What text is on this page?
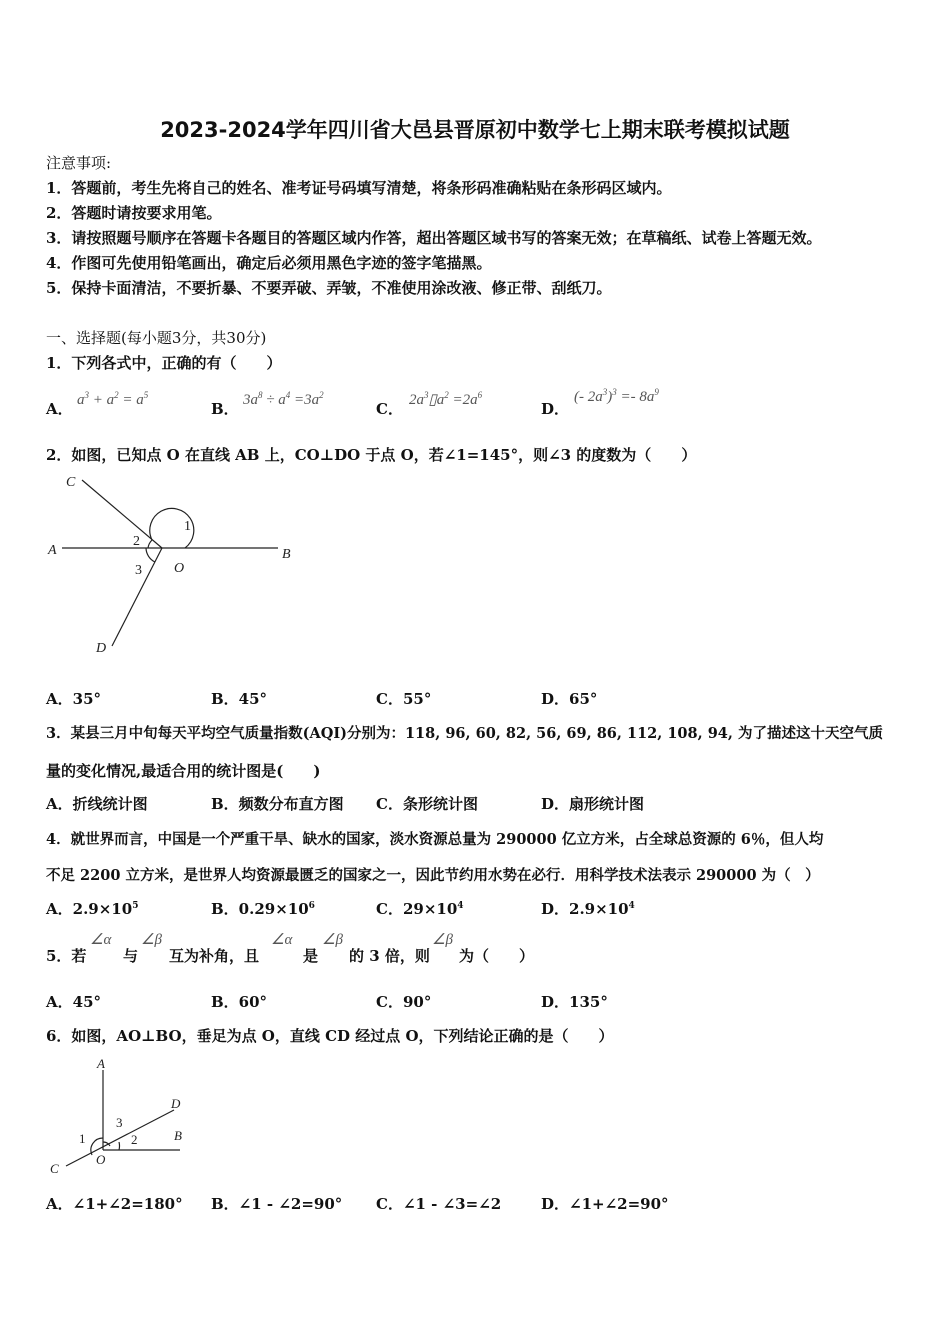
2023-2024学年四川省大邑县晋原初中数学七上期末联考模拟试题
注意事项:
1．答题前，考生先将自己的姓名、准考证号码填写清楚，将条形码准确粘贴在条形码区域内。
2．答题时请按要求用笔。
3．请按照题号顺序在答题卡各题目的答题区域内作答，超出答题区域书写的答案无效；在草稿纸、试卷上答题无效。
4．作图可先使用铅笔画出，确定后必须用黑色字迹的签字笔描黑。
5．保持卡面清洁，不要折暴、不要弄破、弄皱，不准使用涂改液、修正带、刮纸刀。
一、选择题(每小题3分，共30分)
1．下列各式中，正确的有（　　）
A． $a^3 + a^2 = a^5$
B． $3a^8 \div a^4 =3a^2$
C． $2a^3▯a^2 =2a^6$
D．
(- $2a^3)^3 =- 8a^9$
2．如图，已知点 O 在直线 AB 上，CO⊥DO 于点 O，若∠1=145°，则∠3 的度数为（　　）
C
A	B
O
D
1
2
3
A．35°	B．45°	C．55°	D．65°
3．某县三月中旬每天平均空气质量指数(AQI)分别为：118, 96, 60, 82, 56, 69, 86, 112, 108, 94, 为了描述这十天空气质
量的变化情况,最适合用的统计图是(　　)
A．折线统计图	B．频数分布直方图 C．条形统计图	D．扇形统计图
4．就世界而言，中国是一个严重干旱、缺水的国家，淡水资源总量为 290000 亿立方米，占全球总资源的 6％，但人均
不足 2200 立方米，是世界人均资源最匮乏的国家之一，因此节约用水势在必行．用科学技术法表示 290000 为（　）
A．$2.9\times 10^5$	B．$0.29\times 10^6$	C．$29\times 10^4$	D．$2.9\times 10^4$
5．若
∠α
与
∠β
互为补角，且
∠α
是
∠β
的 3 倍，则
∠β
为（　　）
A．45°	B．60°	C．90°	D．135°
6．如图，AO⊥BO，垂足为点 O，直线 CD 经过点 O，下列结论正确的是（　　）
A
D
B
O
C
1	2
3
A．∠1+∠2=180° B．∠1 - ∠2=90° C．∠1 - ∠3=∠2	D．∠1+∠2=90°
